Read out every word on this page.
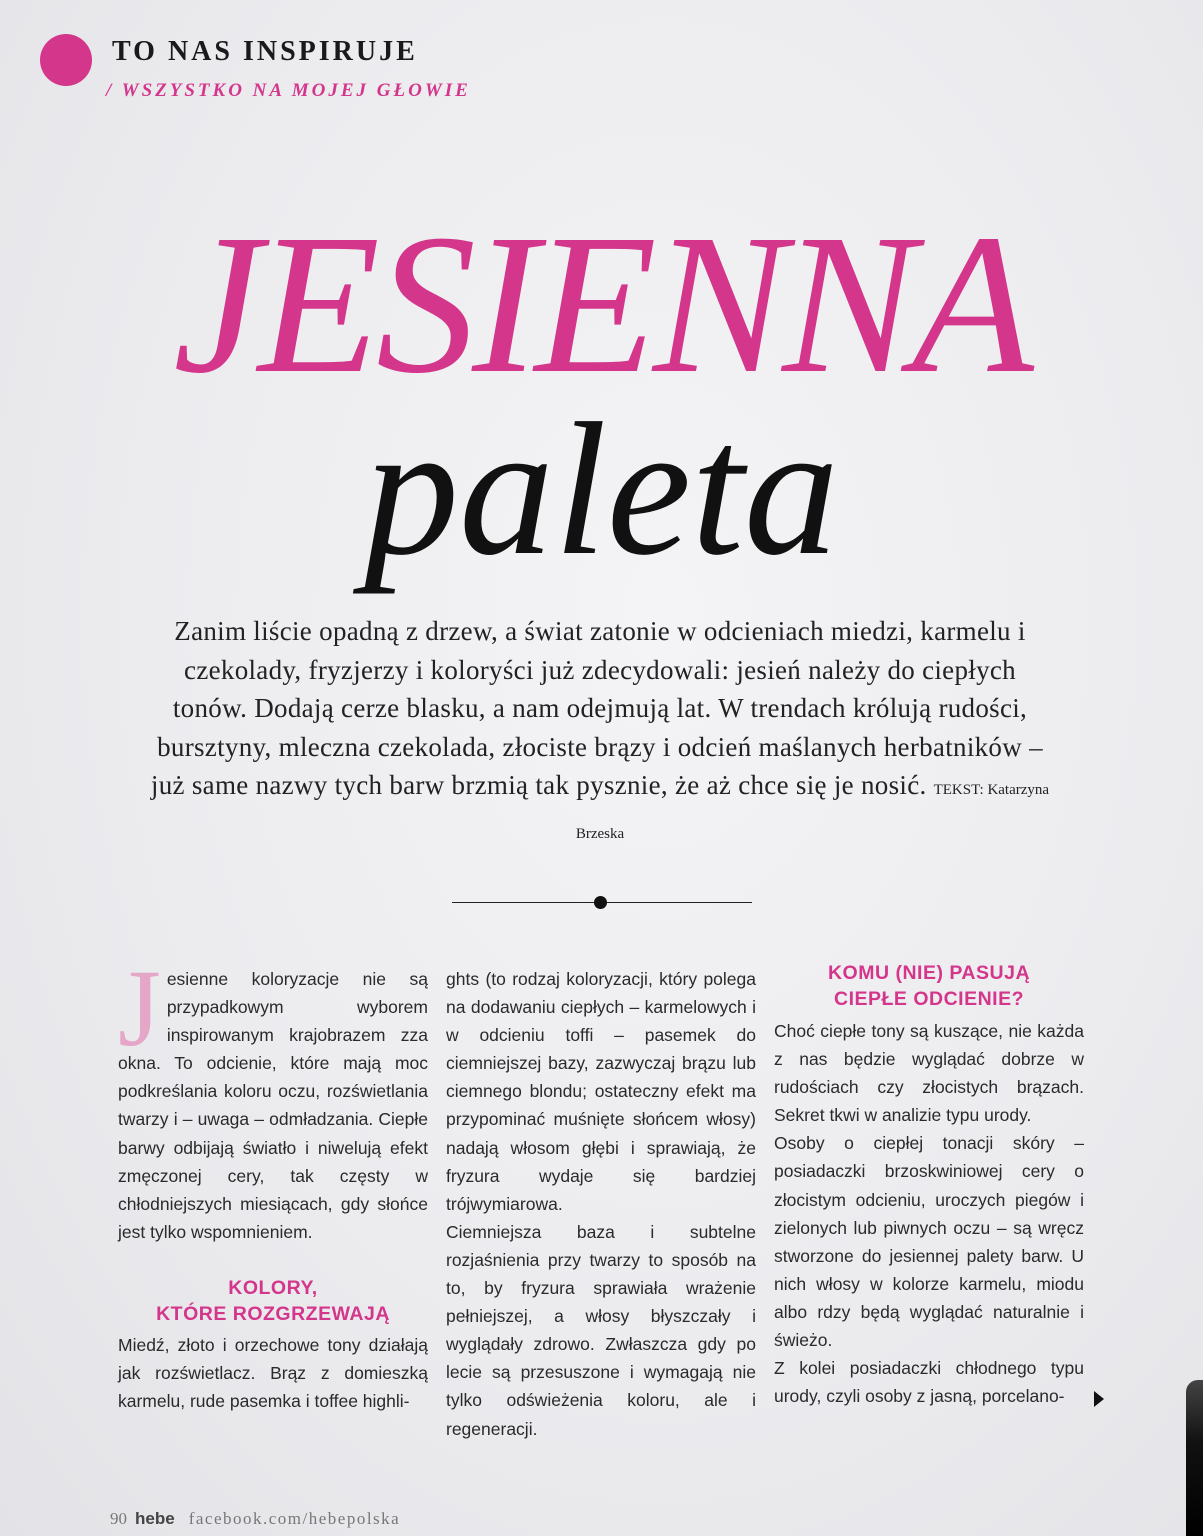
TO NAS INSPIRUJE
/ WSZYSTKO NA MOJEJ GŁOWIE
JESIENNA
paleta
Zanim liście opadną z drzew, a świat zatonie w odcieniach miedzi, karmelu i czekolady, fryzjerzy i koloryści już zdecydowali: jesień należy do ciepłych tonów. Dodają cerze blasku, a nam odejmują lat. W trendach królują rudości, bursztyny, mleczna czekolada, złociste brązy i odcień maślanych herbatników – już same nazwy tych barw brzmią tak pysznie, że aż chce się je nosić. TEKST: Katarzyna Brzeska

Jesienne koloryzacje nie są przypadkowym wyborem inspirowanym krajobrazem zza okna. To odcienie, które mają moc podkreślania koloru oczu, rozświetlania twarzy i – uwaga – odmładzania. Ciepłe barwy odbijają światło i niwelują efekt zmęczonej cery, tak częsty w chłodniejszych miesiącach, gdy słońce jest tylko wspomnieniem.

KOLORY,
KTÓRE ROZGRZEWAJĄ

Miedź, złoto i orzechowe tony działają jak rozświetlacz. Brąz z domieszką karmelu, rude pasemka i toffee highli-

ghts (to rodzaj koloryzacji, który polega na dodawaniu ciepłych – karmelowych i w odcieniu toffi – pasemek do ciemniejszej bazy, zazwyczaj brązu lub ciemnego blondu; ostateczny efekt ma przypominać muśnięte słońcem włosy) nadają włosom głębi i sprawiają, że fryzura wydaje się bardziej trójwymiarowa.

Ciemniejsza baza i subtelne rozjaśnienia przy twarzy to sposób na to, by fryzura sprawiała wrażenie pełniejszej, a włosy błyszczały i wyglądały zdrowo. Zwłaszcza gdy po lecie są przesuszone i wymagają nie tylko odświeżenia koloru, ale i regeneracji.

KOMU (NIE) PASUJĄ
CIEPŁE ODCIENIE?

Choć ciepłe tony są kuszące, nie każda z nas będzie wyglądać dobrze w rudościach czy złocistych brązach. Sekret tkwi w analizie typu urody.

Osoby o ciepłej tonacji skóry – posiadaczki brzoskwiniowej cery o złocistym odcieniu, uroczych piegów i zielonych lub piwnych oczu – są wręcz stworzone do jesiennej palety barw. U nich włosy w kolorze karmelu, miodu albo rdzy będą wyglądać naturalnie i świeżo.

Z kolei posiadaczki chłodnego typu urody, czyli osoby z jasną, porcelano-

90 hebe facebook.com/hebepolska
